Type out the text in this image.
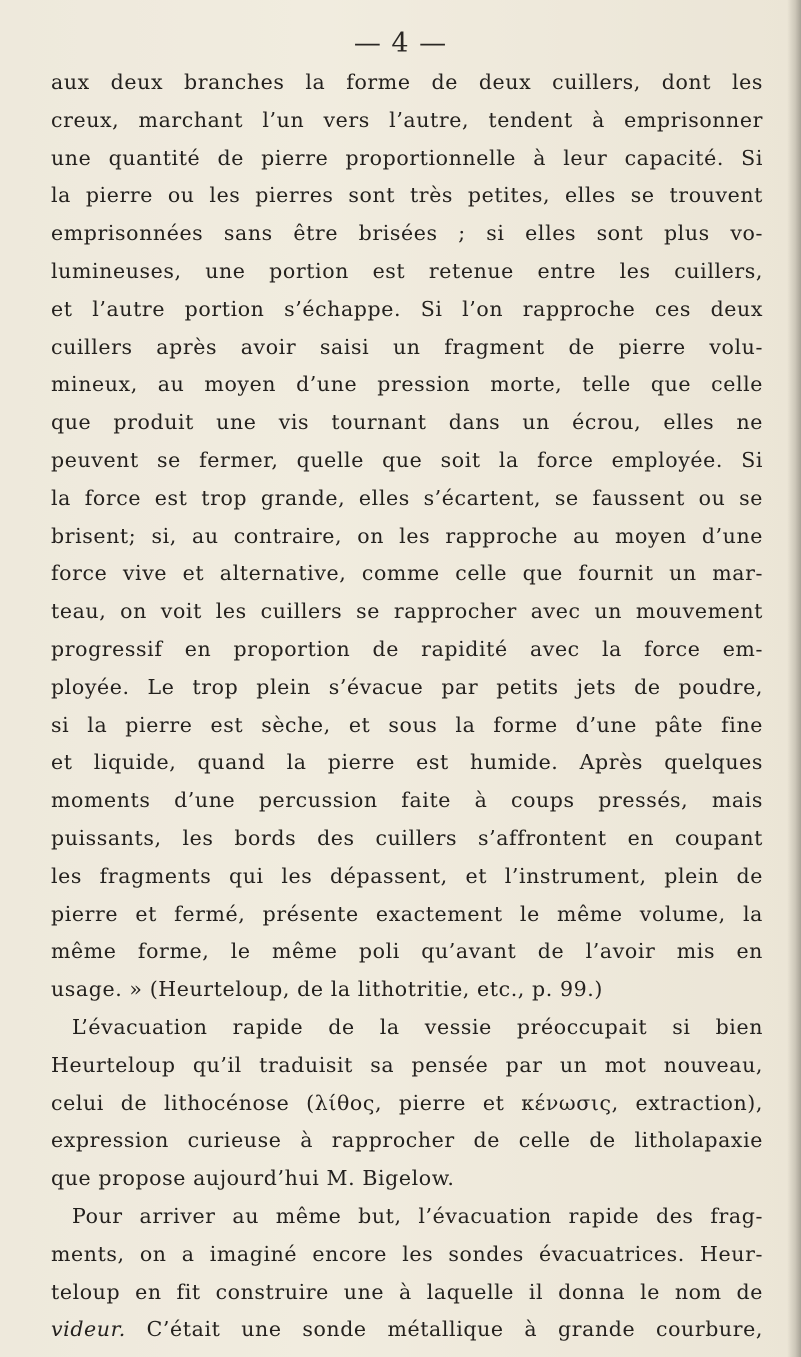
— 4 —
aux deux branches la forme de deux cuillers, dont les
creux, marchant l’un vers l’autre, tendent à emprisonner
une quantité de pierre proportionnelle à leur capacité. Si
la pierre ou les pierres sont très petites, elles se trouvent
emprisonnées sans être brisées ; si elles sont plus vo-
lumineuses, une portion est retenue entre les cuillers,
et l’autre portion s’échappe. Si l’on rapproche ces deux
cuillers après avoir saisi un fragment de pierre volu-
mineux, au moyen d’une pression morte, telle que celle
que produit une vis tournant dans un écrou, elles ne
peuvent se fermer, quelle que soit la force employée. Si
la force est trop grande, elles s’écartent, se faussent ou se
brisent; si, au contraire, on les rapproche au moyen d’une
force vive et alternative, comme celle que fournit un mar-
teau, on voit les cuillers se rapprocher avec un mouvement
progressif en proportion de rapidité avec la force em-
ployée. Le trop plein s’évacue par petits jets de poudre,
si la pierre est sèche, et sous la forme d’une pâte fine
et liquide, quand la pierre est humide. Après quelques
moments d’une percussion faite à coups pressés, mais
puissants, les bords des cuillers s’affrontent en coupant
les fragments qui les dépassent, et l’instrument, plein de
pierre et fermé, présente exactement le même volume, la
même forme, le même poli qu’avant de l’avoir mis en
usage. » (Heurteloup, de la lithotritie, etc., p. 99.)
L’évacuation rapide de la vessie préoccupait si bien
Heurteloup qu’il traduisit sa pensée par un mot nouveau,
celui de lithocénose (λίθος, pierre et κένωσις, extraction),
expression curieuse à rapprocher de celle de litholapaxie
que propose aujourd’hui M. Bigelow.
Pour arriver au même but, l’évacuation rapide des frag-
ments, on a imaginé encore les sondes évacuatrices. Heur-
teloup en fit construire une à laquelle il donna le nom de
videur. C’était une sonde métallique à grande courbure,
